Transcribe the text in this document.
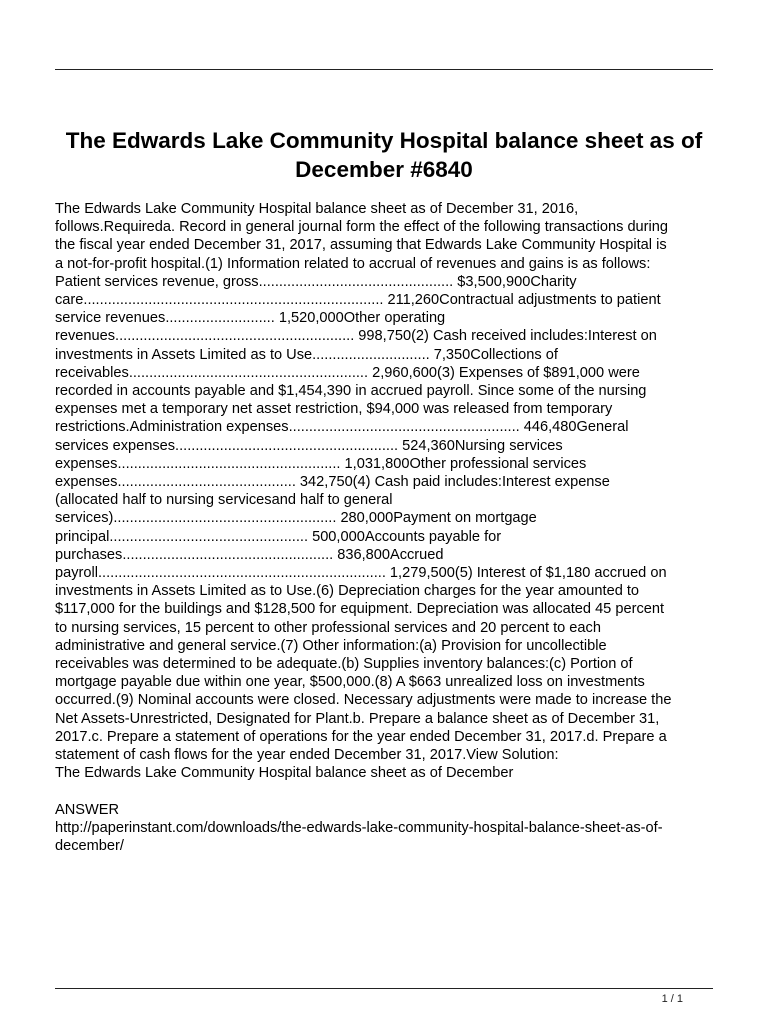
The Edwards Lake Community Hospital balance sheet as of December #6840
The Edwards Lake Community Hospital balance sheet as of December 31, 2016,
follows.Requireda. Record in general journal form the effect of the following transactions during
the fiscal year ended December 31, 2017, assuming that Edwards Lake Community Hospital is
a not-for-profit hospital.(1) Information related to accrual of revenues and gains is as follows:
Patient services revenue, gross................................................ $3,500,900Charity
care.......................................................................... 211,260Contractual adjustments to patient
service revenues........................... 1,520,000Other operating
revenues........................................................... 998,750(2) Cash received includes:Interest on
investments in Assets Limited as to Use............................. 7,350Collections of
receivables........................................................... 2,960,600(3) Expenses of $891,000 were
recorded in accounts payable and $1,454,390 in accrued payroll. Since some of the nursing
expenses met a temporary net asset restriction, $94,000 was released from temporary
restrictions.Administration expenses......................................................... 446,480General
services expenses....................................................... 524,360Nursing services
expenses....................................................... 1,031,800Other professional services
expenses............................................ 342,750(4) Cash paid includes:Interest expense
(allocated half to nursing servicesand half to general
services)....................................................... 280,000Payment on mortgage
principal................................................. 500,000Accounts payable for
purchases.................................................... 836,800Accrued
payroll....................................................................... 1,279,500(5) Interest of $1,180 accrued on
investments in Assets Limited as to Use.(6) Depreciation charges for the year amounted to
$117,000 for the buildings and $128,500 for equipment. Depreciation was allocated 45 percent
to nursing services, 15 percent to other professional services and 20 percent to each
administrative and general service.(7) Other information:(a) Provision for uncollectible
receivables was determined to be adequate.(b) Supplies inventory balances:(c) Portion of
mortgage payable due within one year, $500,000.(8) A $663 unrealized loss on investments
occurred.(9) Nominal accounts were closed. Necessary adjustments were made to increase the
Net Assets-Unrestricted, Designated for Plant.b. Prepare a balance sheet as of December 31,
2017.c. Prepare a statement of operations for the year ended December 31, 2017.d. Prepare a
statement of cash flows for the year ended December 31, 2017.View Solution:
The Edwards Lake Community Hospital balance sheet as of December

ANSWER
http://paperinstant.com/downloads/the-edwards-lake-community-hospital-balance-sheet-as-of-
december/
1 / 1
